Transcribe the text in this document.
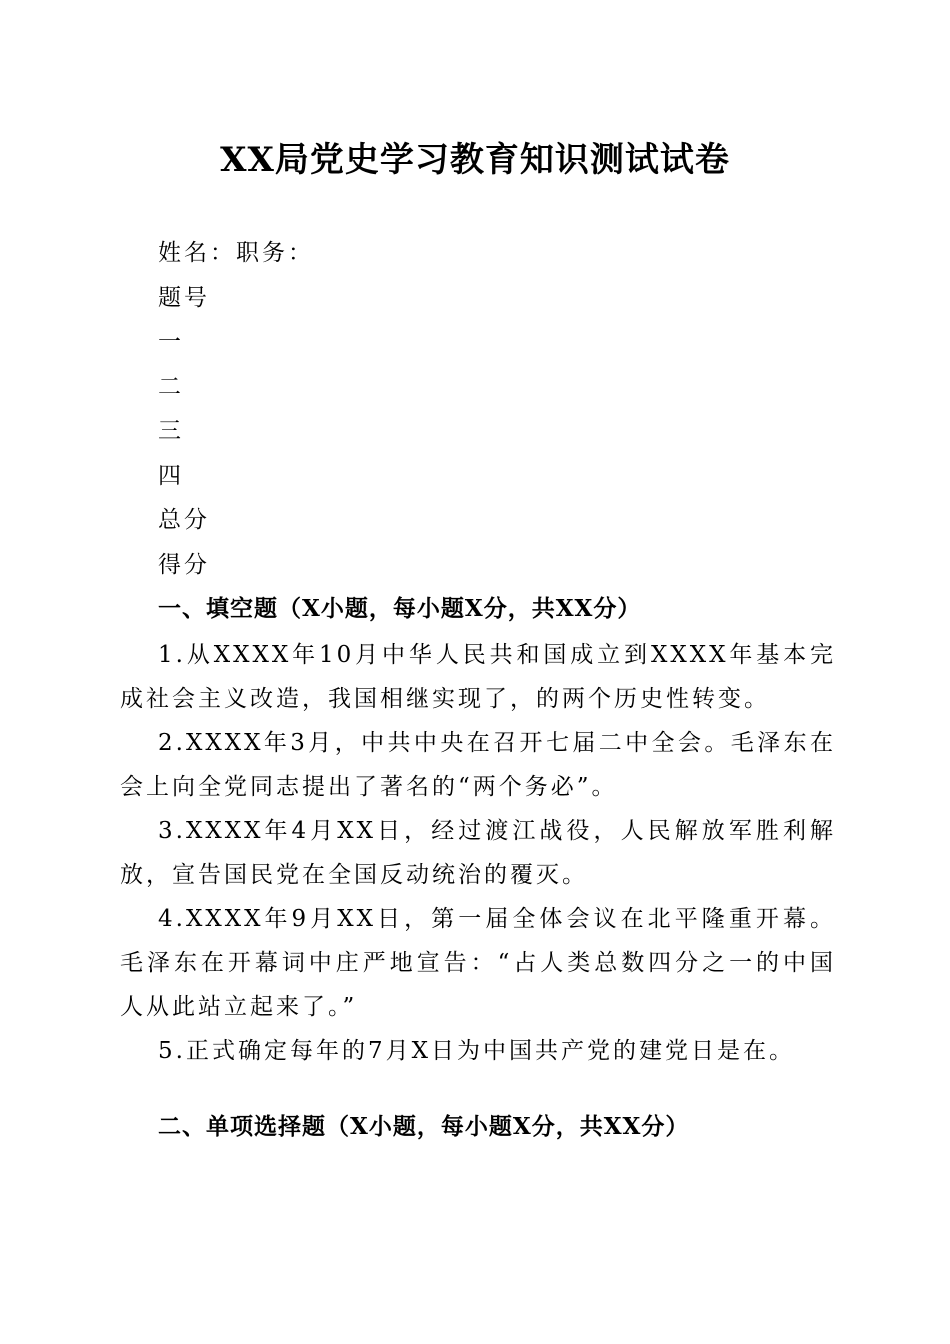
XX局党史学习教育知识测试试卷
姓名：职务：
题号
一
二
三
四
总分
得分
一、填空题（X小题，每小题X分，共XX分）
1.从XXXX年10月中华人民共和国成立到XXXX年基本完成社会主义改造，我国相继实现了，的两个历史性转变。
2.XXXX年3月，中共中央在召开七届二中全会。毛泽东在会上向全党同志提出了著名的“两个务必”。
3.XXXX年4月XX日，经过渡江战役，人民解放军胜利解放，宣告国民党在全国反动统治的覆灭。
4.XXXX年9月XX日，第一届全体会议在北平隆重开幕。毛泽东在开幕词中庄严地宣告：“占人类总数四分之一的中国人从此站立起来了。”
5.正式确定每年的7月X日为中国共产党的建党日是在。
二、单项选择题（X小题，每小题X分，共XX分）
